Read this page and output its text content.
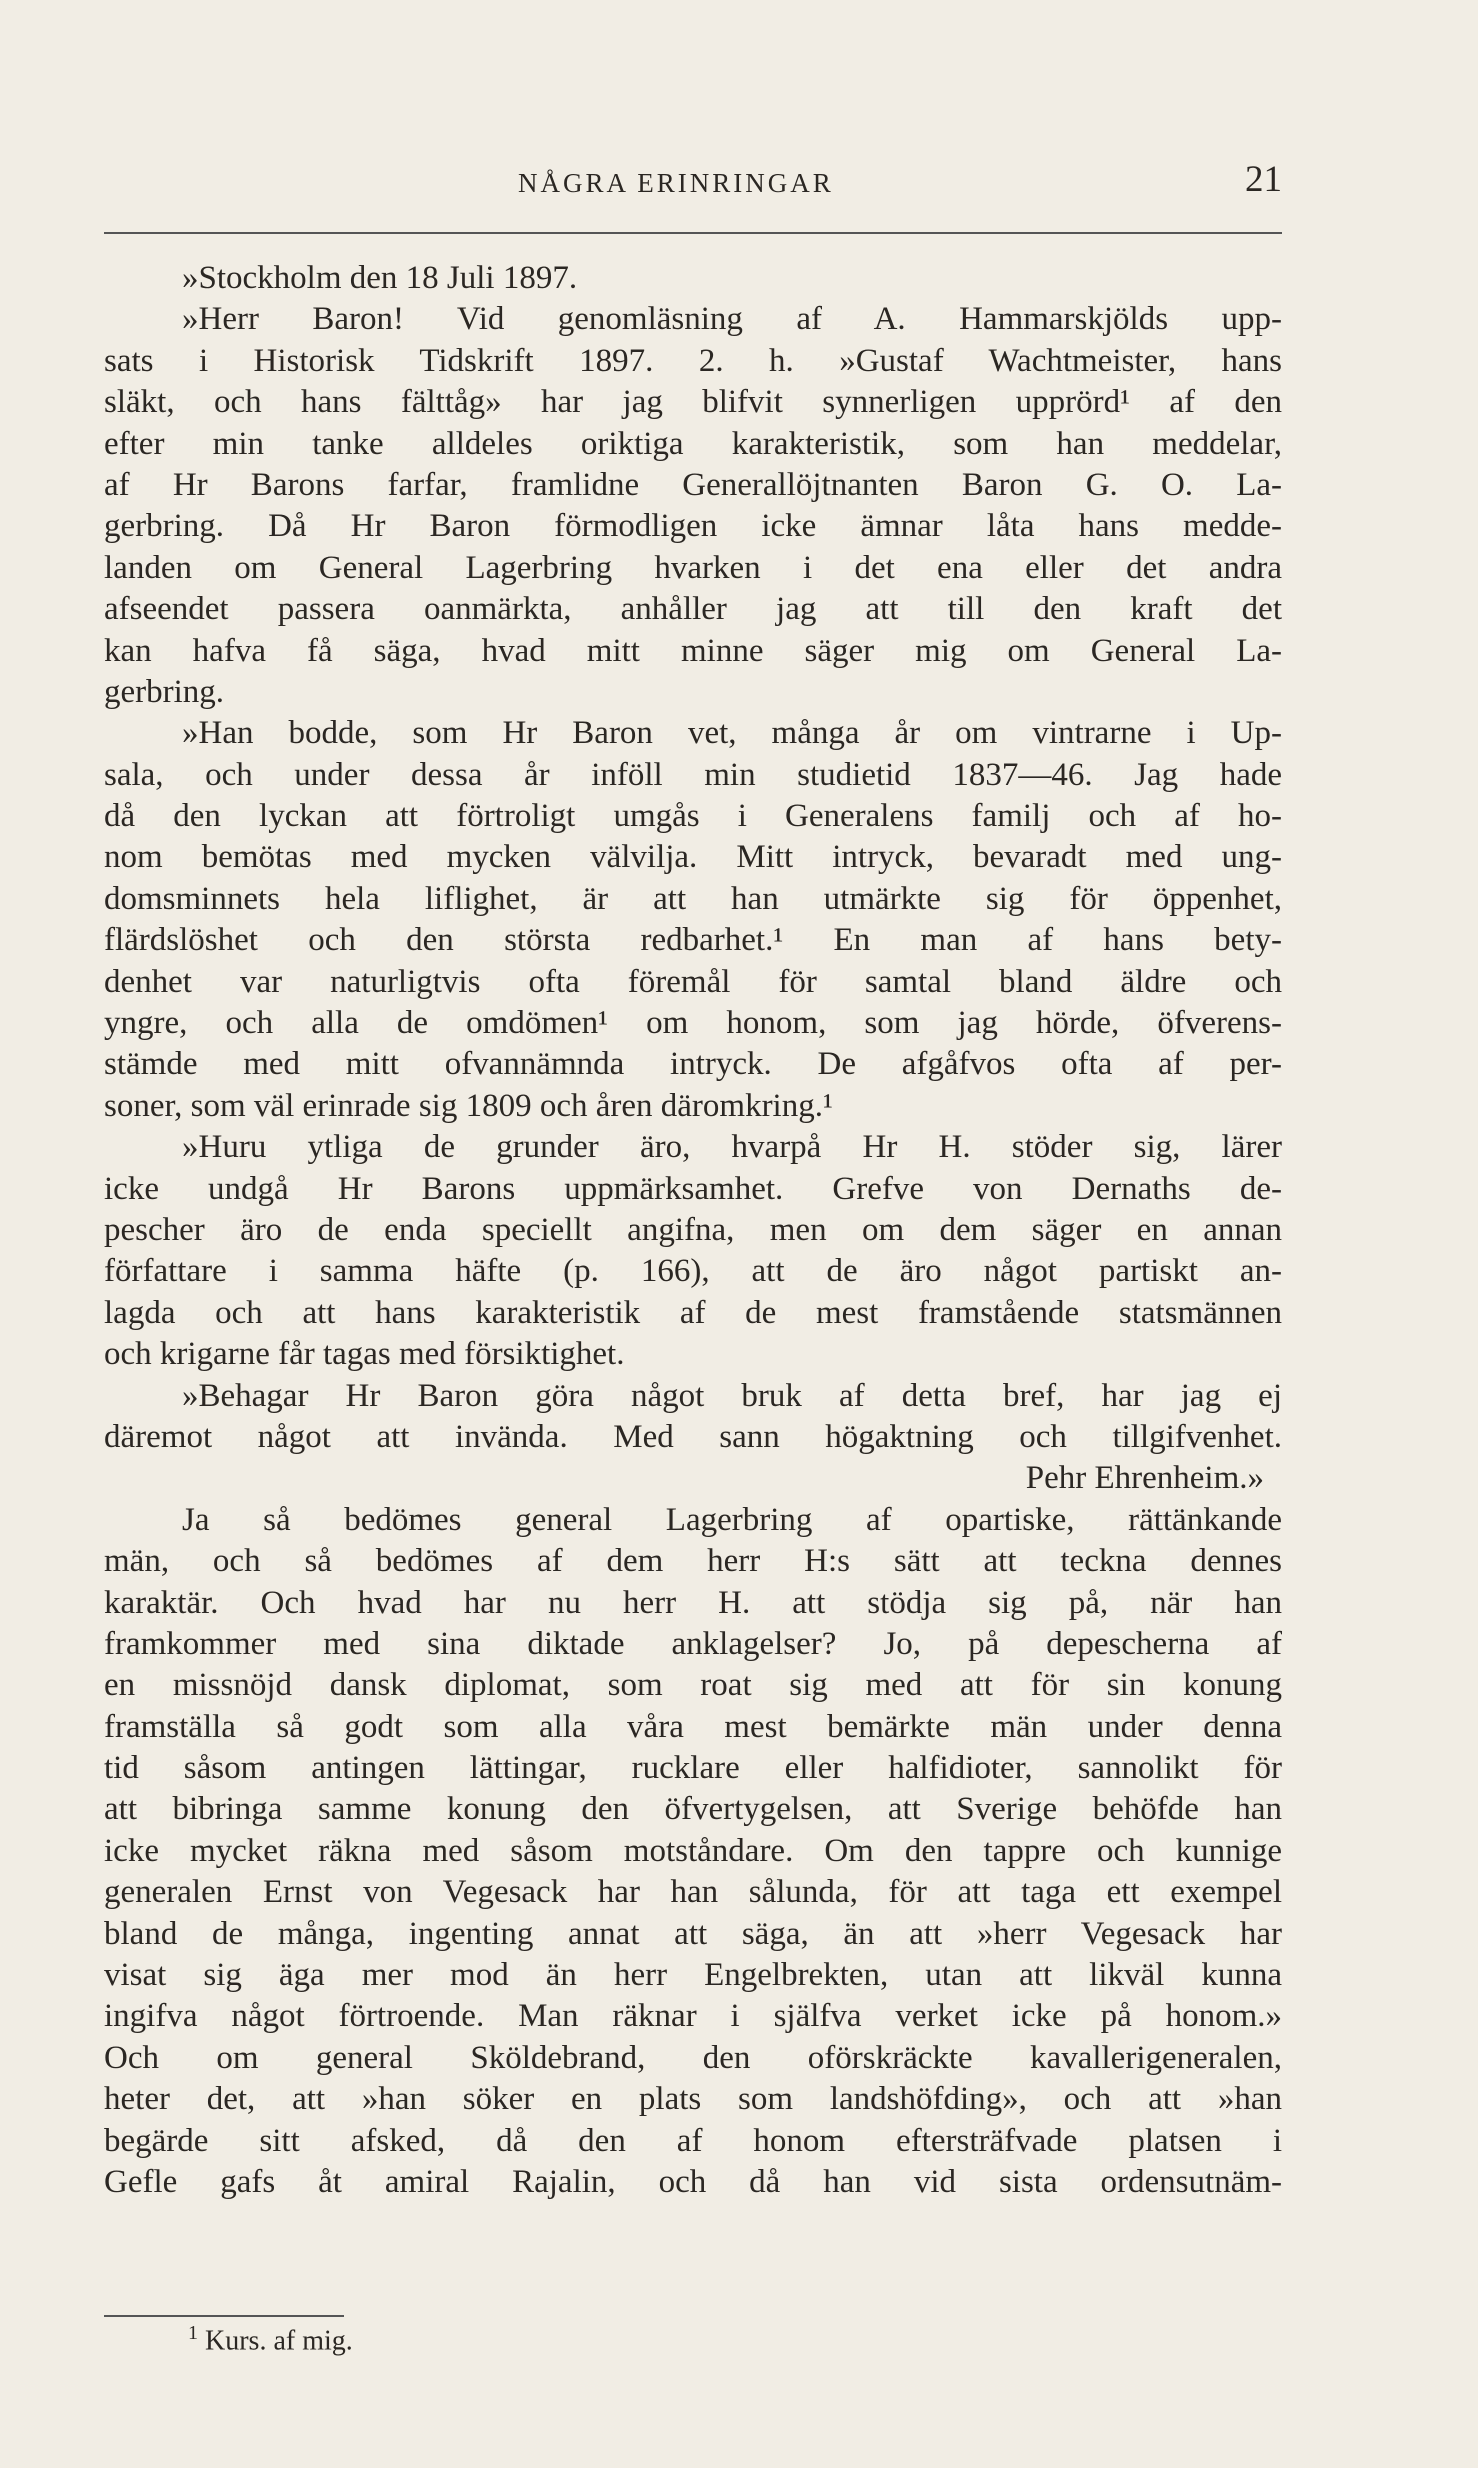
NÅGRA ERINRINGAR	21
»Stockholm den 18 Juli 1897.
»Herr Baron! Vid genomläsning af A. Hammarskjölds upp-
sats i Historisk Tidskrift 1897. 2. h. »Gustaf Wachtmeister, hans
släkt, och hans fälttåg» har jag blifvit synnerligen upprörd¹ af den
efter min tanke alldeles oriktiga karakteristik, som han meddelar,
af Hr Barons farfar, framlidne Generallöjtnanten Baron G. O. La-
gerbring. Då Hr Baron förmodligen icke ämnar låta hans medde-
landen om General Lagerbring hvarken i det ena eller det andra
afseendet passera oanmärkta, anhåller jag att till den kraft det
kan hafva få säga, hvad mitt minne säger mig om General La-
gerbring.
»Han bodde, som Hr Baron vet, många år om vintrarne i Up-
sala, och under dessa år inföll min studietid 1837—46. Jag hade
då den lyckan att förtroligt umgås i Generalens familj och af ho-
nom bemötas med mycken välvilja. Mitt intryck, bevaradt med ung-
domsminnets hela liflighet, är att han utmärkte sig för öppenhet,
flärdslöshet och den största redbarhet.¹ En man af hans bety-
denhet var naturligtvis ofta föremål för samtal bland äldre och
yngre, och alla de omdömen¹ om honom, som jag hörde, öfverens-
stämde med mitt ofvannämnda intryck. De afgåfvos ofta af per-
soner, som väl erinrade sig 1809 och åren däromkring.¹
»Huru ytliga de grunder äro, hvarpå Hr H. stöder sig, lärer
icke undgå Hr Barons uppmärksamhet. Grefve von Dernaths de-
pescher äro de enda speciellt angifna, men om dem säger en annan
författare i samma häfte (p. 166), att de äro något partiskt an-
lagda och att hans karakteristik af de mest framstående statsmännen
och krigarne får tagas med försiktighet.
»Behagar Hr Baron göra något bruk af detta bref, har jag ej
däremot något att invända. Med sann högaktning och tillgifvenhet.
Pehr Ehrenheim.»
Ja så bedömes general Lagerbring af opartiske, rättänkande
män, och så bedömes af dem herr H:s sätt att teckna dennes
karaktär. Och hvad har nu herr H. att stödja sig på, när han
framkommer med sina diktade anklagelser? Jo, på depescherna af
en missnöjd dansk diplomat, som roat sig med att för sin konung
framställa så godt som alla våra mest bemärkte män under denna
tid såsom antingen lättingar, rucklare eller halfidioter, sannolikt för
att bibringa samme konung den öfvertygelsen, att Sverige behöfde han
icke mycket räkna med såsom motståndare. Om den tappre och kunnige
generalen Ernst von Vegesack har han sålunda, för att taga ett exempel
bland de många, ingenting annat att säga, än att »herr Vegesack har
visat sig äga mer mod än herr Engelbrekten, utan att likväl kunna
ingifva något förtroende. Man räknar i själfva verket icke på honom.»
Och om general Sköldebrand, den oförskräckte kavallerigeneralen,
heter det, att »han söker en plats som landshöfding», och att »han
begärde sitt afsked, då den af honom eftersträfvade platsen i
Gefle gafs åt amiral Rajalin, och då han vid sista ordensutnäm-
$^1$ Kurs. af mig.
